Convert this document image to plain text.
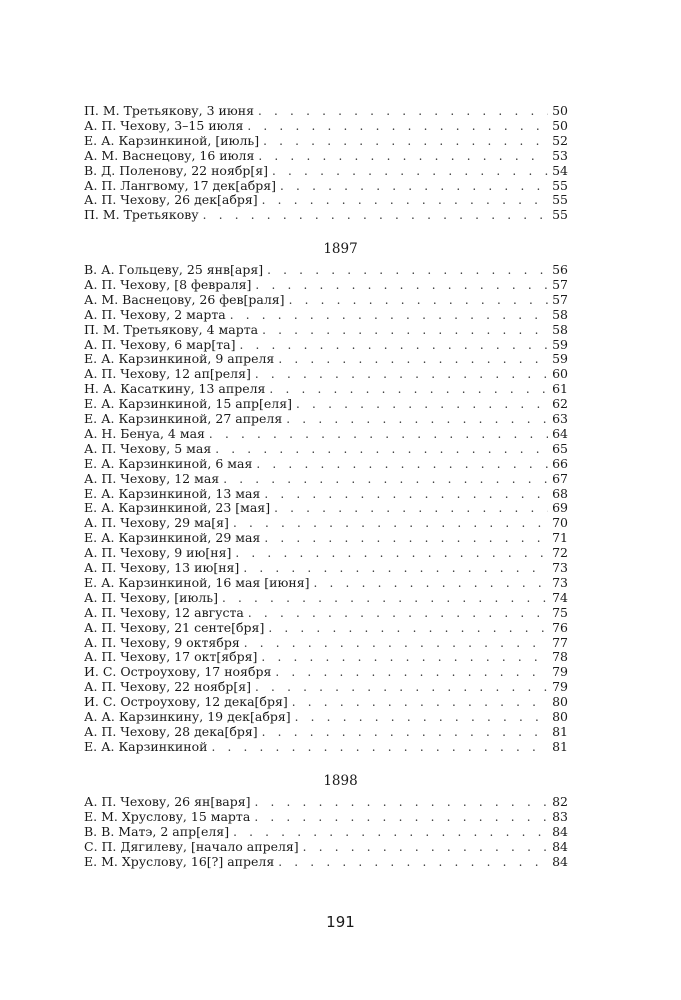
П. М. Третьякову, 3 июня . . .	50
А. П. Чехову, 3–15 июля . . .	50
Е. А. Карзинкиной, [июль] . . .	52
А. М. Васнецову, 16 июля . . .	53
В. Д. Поленову, 22 ноябр[я] . . .	54
А. П. Лангвому, 17 дек[абря] . . .	55
А. П. Чехову, 26 дек[абря] . . .	55
П. М. Третьякову . . .	55
1897
В. А. Гольцеву, 25 янв[аря] . . .	56
А. П. Чехову, [8 февраля] . . .	57
А. М. Васнецову, 26 фев[раля] . . .	57
А. П. Чехову, 2 марта . . .	58
П. М. Третьякову, 4 марта . . .	58
А. П. Чехову, 6 мар[та] . . .	59
Е. А. Карзинкиной, 9 апреля . . .	59
А. П. Чехову, 12 ап[реля] . . .	60
Н. А. Касаткину, 13 апреля . . .	61
Е. А. Карзинкиной, 15 апр[еля] . . .	62
Е. А. Карзинкиной, 27 апреля . . .	63
А. Н. Бенуа, 4 мая . . .	64
А. П. Чехову, 5 мая . . .	65
Е. А. Карзинкиной, 6 мая . . .	66
А. П. Чехову, 12 мая . . .	67
Е. А. Карзинкиной, 13 мая . . .	68
Е. А. Карзинкиной, 23 [мая] . . .	69
А. П. Чехову, 29 ма[я] . . .	70
Е. А. Карзинкиной, 29 мая . . .	71
А. П. Чехову, 9 ию[ня] . . .	72
А. П. Чехову, 13 ию[ня] . . .	73
Е. А. Карзинкиной, 16 мая [июня] . . .	73
А. П. Чехову, [июль] . . .	74
А. П. Чехову, 12 августа . . .	75
А. П. Чехову, 21 сенте[бря] . . .	76
А. П. Чехову, 9 октября . . .	77
А. П. Чехову, 17 окт[ября] . . .	78
И. С. Остроухову, 17 ноября . . .	79
А. П. Чехову, 22 ноябр[я] . . .	79
И. С. Остроухову, 12 дека[бря] . . .	80
А. А. Карзинкину, 19 дек[абря] . . .	80
А. П. Чехову, 28 дека[бря] . . .	81
Е. А. Карзинкиной . . .	81
1898
А. П. Чехову, 26 ян[варя] . . .	82
Е. М. Хруслову, 15 марта . . .	83
В. В. Матэ, 2 апр[еля] . . .	84
С. П. Дягилеву, [начало апреля] . . .	84
Е. М. Хруслову, 16[?] апреля . . .	84
191
